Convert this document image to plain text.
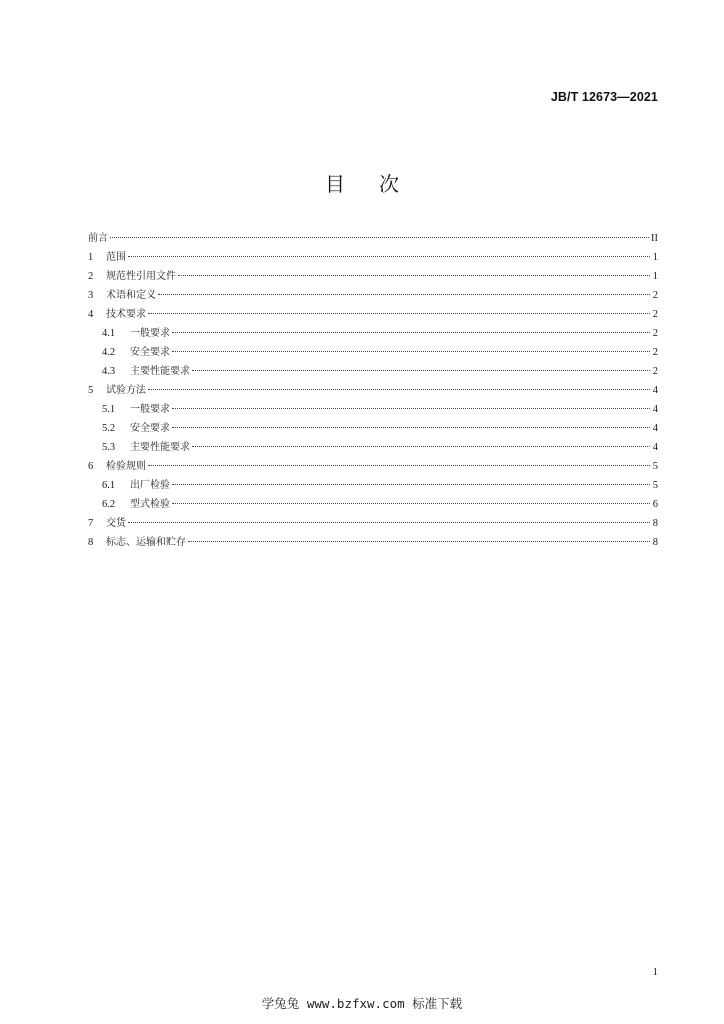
JB/T 12673—2021
目次
前言	II
1	范围	1
2	规范性引用文件	1
3	术语和定义	2
4	技术要求	2
4.1	一般要求	2
4.2	安全要求	2
4.3	主要性能要求	2
5	试验方法	4
5.1	一般要求	4
5.2	安全要求	4
5.3	主要性能要求	4
6	检验规则	5
6.1	出厂检验	5
6.2	型式检验	6
7	交货	8
8	标志、运输和贮存	8
1
学兔兔 www.bzfxw.com 标准下载
